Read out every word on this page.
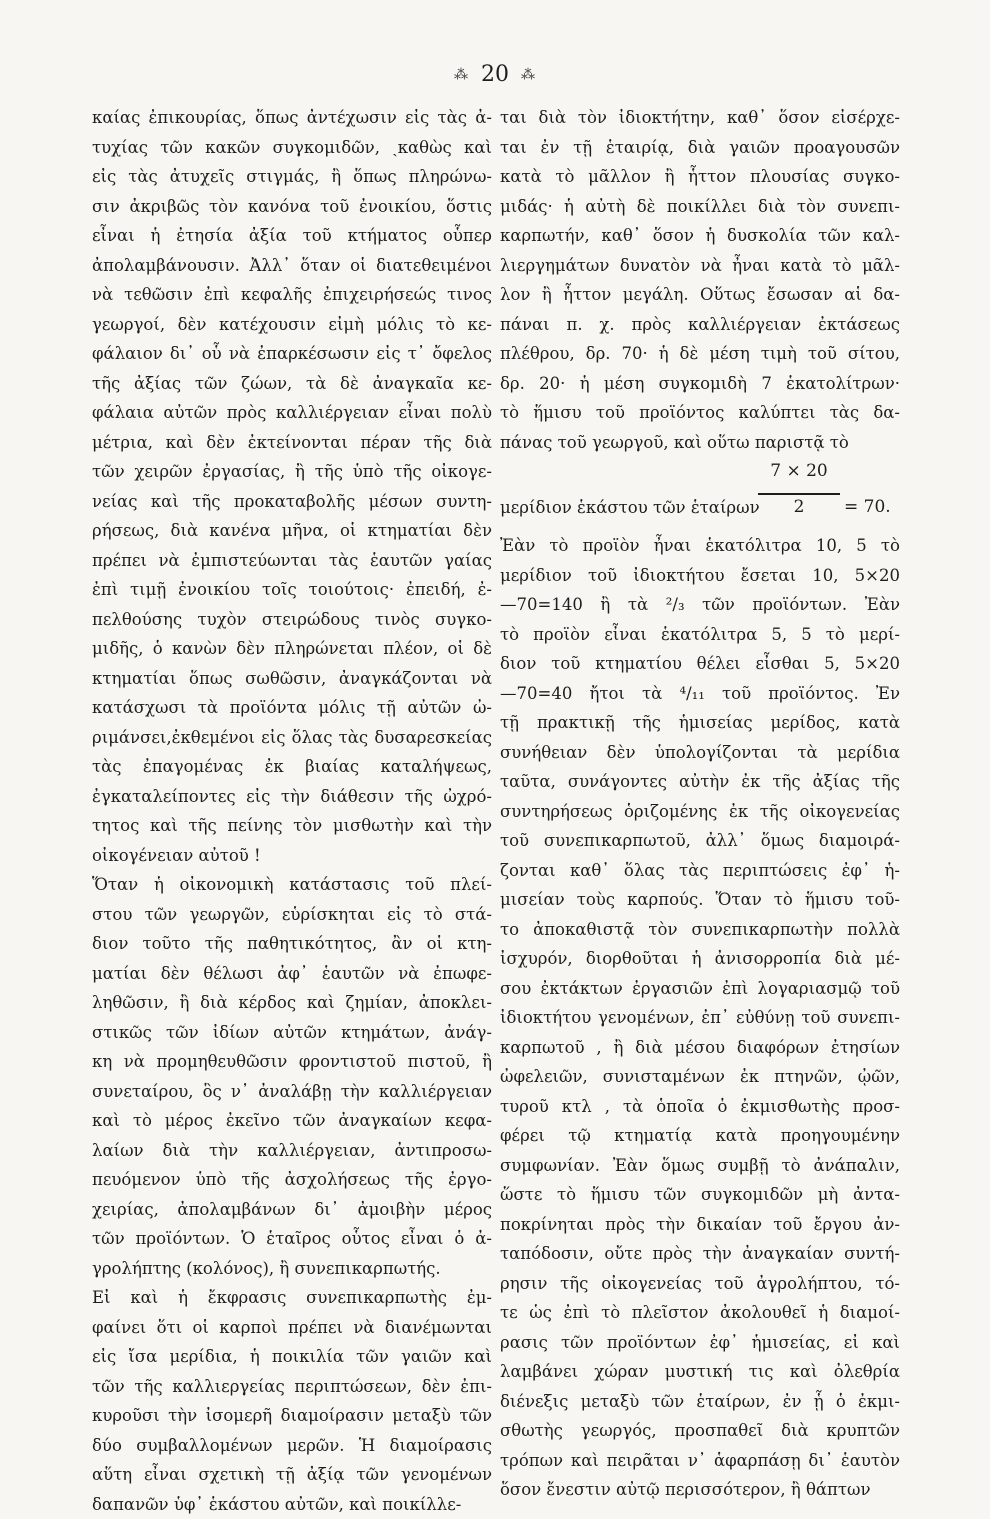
⁂ 20 ⁂
καίας ἐπικουρίας, ὅπως ἀντέχωσιν εἰς τὰς ἀ-
τυχίας τῶν κακῶν συγκομιδῶν, ˏκαθὼς καὶ
εἰς τὰς ἀτυχεῖς στιγμάς, ἢ ὅπως πληρώνω-
σιν ἀκριβῶς τὸν κανόνα τοῦ ἐνοικίου, ὅστις
εἶναι ἡ ἐτησία ἀξία τοῦ κτήματος οὗπερ
ἀπολαμβάνουσιν. Ἀλλ᾽ ὅταν οἱ διατεθειμένοι
νὰ τεθῶσιν ἐπὶ κεφαλῆς ἐπιχειρήσεώς τινος
γεωργοί, δὲν κατέχουσιν εἰμὴ μόλις τὸ κε-
φάλαιον δι᾽ οὗ νὰ ἐπαρκέσωσιν εἰς τ᾽ ὄφελος
τῆς ἀξίας τῶν ζώων, τὰ δὲ ἀναγκαῖα κε-
φάλαια αὐτῶν πρὸς καλλιέργειαν εἶναι πολὺ
μέτρια, καὶ δὲν ἐκτείνονται πέραν τῆς διὰ
τῶν χειρῶν ἐργασίας, ἢ τῆς ὑπὸ τῆς οἰκογε-
νείας καὶ τῆς προκαταβολῆς μέσων συντη-
ρήσεως, διὰ κανένα μῆνα, οἱ κτηματίαι δὲν
πρέπει νὰ ἐμπιστεύωνται τὰς ἑαυτῶν γαίας
ἐπὶ τιμῇ ἐνοικίου τοῖς τοιούτοις· ἐπειδή, ἐ-
πελθούσης τυχὸν στειρώδους τινὸς συγκο-
μιδῆς, ὁ κανὼν δὲν πληρώνεται πλέον, οἱ δὲ
κτηματίαι ὅπως σωθῶσιν, ἀναγκάζονται νὰ
κατάσχωσι τὰ προϊόντα μόλις τῇ αὐτῶν ὠ-
ριμάνσει,ἐκθεμένοι εἰς ὅλας τὰς δυσαρεσκείας
τὰς ἐπαγομένας ἐκ βιαίας καταλήψεως,
ἐγκαταλείποντες εἰς τὴν διάθεσιν τῆς ὠχρό-
τητος καὶ τῆς πείνης τὸν μισθωτὴν καὶ τὴν
οἰκογένειαν αὐτοῦ !
Ὅταν ἡ οἰκονομικὴ κατάστασις τοῦ πλεί-
στου τῶν γεωργῶν, εὑρίσκηται εἰς τὸ στά-
διον τοῦτο τῆς παθητικότητος, ἂν οἱ κτη-
ματίαι δὲν θέλωσι ἀφ᾽ ἑαυτῶν νὰ ἐπωφε-
ληθῶσιν, ἢ διὰ κέρδος καὶ ζημίαν, ἀποκλει-
στικῶς τῶν ἰδίων αὐτῶν κτημάτων, ἀνάγ-
κη νὰ προμηθευθῶσιν φροντιστοῦ πιστοῦ, ἢ
συνεταίρου, ὃς ν᾽ ἀναλάβῃ τὴν καλλιέργειαν
καὶ τὸ μέρος ἐκεῖνο τῶν ἀναγκαίων κεφα-
λαίων διὰ τὴν καλλιέργειαν, ἀντιπροσω-
πευόμενον ὑπὸ τῆς ἀσχολήσεως τῆς ἐργο-
χειρίας, ἀπολαμβάνων δι᾽ ἀμοιβὴν μέρος
τῶν προϊόντων. Ὁ ἑταῖρος οὗτος εἶναι ὁ ἀ-
γρολήπτης (κολόνος), ἢ συνεπικαρπωτής.
Εἰ καὶ ἡ ἔκφρασις συνεπικαρπωτὴς ἐμ-
φαίνει ὅτι οἱ καρποὶ πρέπει νὰ διανέμωνται
εἰς ἴσα μερίδια, ἡ ποικιλία τῶν γαιῶν καὶ
τῶν τῆς καλλιεργείας περιπτώσεων, δὲν ἐπι-
κυροῦσι τὴν ἰσομερῆ διαμοίρασιν μεταξὺ τῶν
δύο συμβαλλομένων μερῶν. Ἡ διαμοίρασις
αὕτη εἶναι σχετικὴ τῇ ἀξίᾳ τῶν γενομένων
δαπανῶν ὑφ᾽ ἑκάστου αὐτῶν, καὶ ποικίλλε-
ται διὰ τὸν ἰδιοκτήτην, καθ᾽ ὅσον εἰσέρχε-
ται ἐν τῇ ἑταιρίᾳ, διὰ γαιῶν προαγουσῶν
κατὰ τὸ μᾶλλον ἢ ἧττον πλουσίας συγκο-
μιδάς· ἡ αὐτὴ δὲ ποικίλλει διὰ τὸν συνεπι-
καρπωτήν, καθ᾽ ὅσον ἡ δυσκολία τῶν καλ-
λιεργημάτων δυνατὸν νὰ ἦναι κατὰ τὸ μᾶλ-
λον ἢ ἧττον μεγάλη. Οὕτως ἔσωσαν αἱ δα-
πάναι π. χ. πρὸς καλλιέργειαν ἐκτάσεως
πλέθρου, δρ. 70· ἡ δὲ μέση τιμὴ τοῦ σίτου,
δρ. 20· ἡ μέση συγκομιδὴ 7 ἑκατολίτρων·
τὸ ἥμισυ τοῦ προϊόντος καλύπτει τὰς δα-
πάνας τοῦ γεωργοῦ, καὶ οὕτω παριστᾷ τὸ
μερίδιον ἑκάστου τῶν ἑταίρων
7 × 20
2	= 70.
Ἐὰν τὸ προϊὸν ἦναι ἑκατόλιτρα 10, 5 τὸ
μερίδιον τοῦ ἰδιοκτήτου ἔσεται 10, 5×20
—70=140 ἢ τὰ ²/₃ τῶν προϊόντων. Ἐὰν
τὸ προϊὸν εἶναι ἑκατόλιτρα 5, 5 τὸ μερί-
διον τοῦ κτηματίου θέλει εἶσθαι 5, 5×20
—70=40 ἤτοι τὰ ⁴/₁₁ τοῦ προϊόντος. Ἐν
τῇ πρακτικῇ τῆς ἡμισείας μερίδος, κατὰ
συνήθειαν δὲν ὑπολογίζονται τὰ μερίδια
ταῦτα, συνάγοντες αὐτὴν ἐκ τῆς ἀξίας τῆς
συντηρήσεως ὁριζομένης ἐκ τῆς οἰκογενείας
τοῦ συνεπικαρπωτοῦ, ἀλλ᾽ ὅμως διαμοιρά-
ζονται καθ᾽ ὅλας τὰς περιπτώσεις ἐφ᾽ ἡ-
μισείαν τοὺς καρπούς. Ὅταν τὸ ἥμισυ τοῦ-
το ἀποκαθιστᾷ τὸν συνεπικαρπωτὴν πολλὰ
ἰσχυρόν, διορθοῦται ἡ ἀνισορροπία διὰ μέ-
σου ἐκτάκτων ἐργασιῶν ἐπὶ λογαριασμῷ τοῦ
ἰδιοκτήτου γενομένων, ἐπ᾽ εὐθύνῃ τοῦ συνεπι-
καρπωτοῦ , ἢ διὰ μέσου διαφόρων ἐτησίων
ὠφελειῶν, συνισταμένων ἐκ πτηνῶν, ᾠῶν,
τυροῦ κτλ , τὰ ὁποῖα ὁ ἐκμισθωτὴς προσ-
φέρει τῷ κτηματίᾳ κατὰ προηγουμένην
συμφωνίαν. Ἐὰν ὅμως συμβῇ τὸ ἀνάπαλιν,
ὥστε τὸ ἥμισυ τῶν συγκομιδῶν μὴ ἀντα-
ποκρίνηται πρὸς τὴν δικαίαν τοῦ ἔργου ἀν-
ταπόδοσιν, οὔτε πρὸς τὴν ἀναγκαίαν συντή-
ρησιν τῆς οἰκογενείας τοῦ ἀγρολήπτου, τό-
τε ὡς ἐπὶ τὸ πλεῖστον ἀκολουθεῖ ἡ διαμοί-
ρασις τῶν προϊόντων ἐφ᾽ ἡμισείας, εἰ καὶ
λαμβάνει χώραν μυστική τις καὶ ὀλεθρία
διένεξις μεταξὺ τῶν ἑταίρων, ἐν ᾗ ὁ ἐκμι-
σθωτὴς γεωργός, προσπαθεῖ διὰ κρυπτῶν
τρόπων καὶ πειρᾶται ν᾽ ἁφαρπάσῃ δι᾽ ἑαυτὸν
ὅσον ἔνεστιν αὐτῷ περισσότερον, ἢ θάπτων
